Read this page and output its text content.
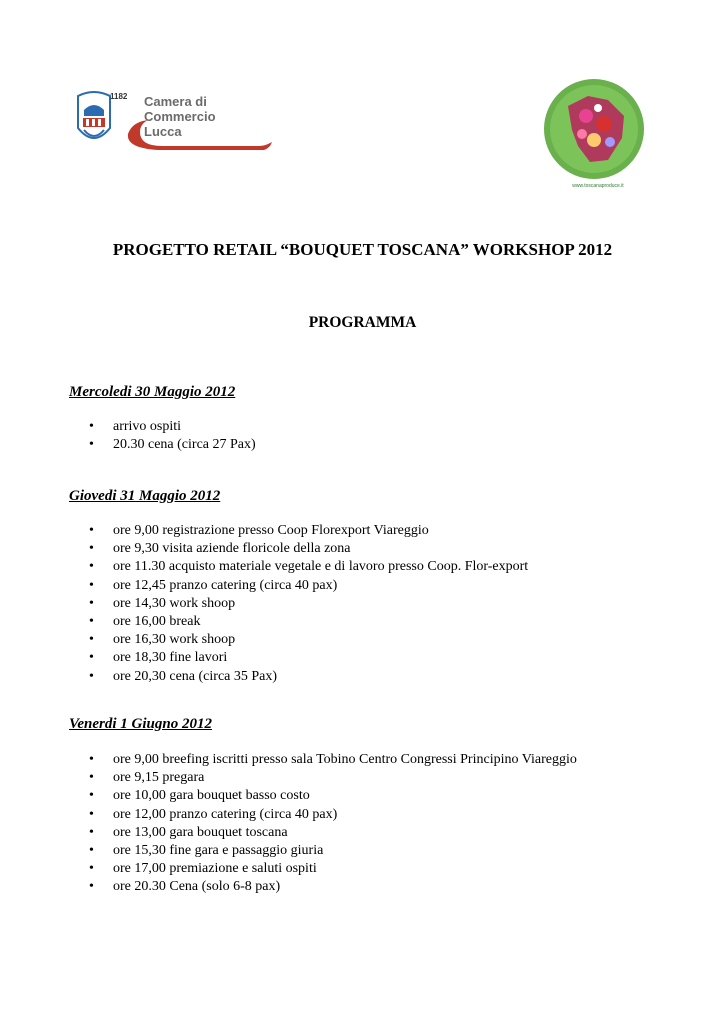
1182 Camera di Commercio
Lucca
www.toscanaproduce.it
PROGETTO RETAIL “BOUQUET TOSCANA” WORKSHOP 2012
PROGRAMMA
Mercoledi 30 Maggio 2012
• arrivo ospiti
• 20.30 cena (circa 27 Pax)
Giovedi 31 Maggio 2012
• ore 9,00 registrazione presso Coop Florexport Viareggio
• ore 9,30 visita aziende floricole della zona
• ore 11.30 acquisto materiale vegetale e di lavoro presso Coop. Flor-export
• ore 12,45 pranzo catering (circa 40 pax)
• ore 14,30 work shoop
• ore 16,00 break
• ore 16,30 work shoop
• ore 18,30 fine lavori
• ore 20,30 cena (circa 35 Pax)
Venerdi 1 Giugno 2012
• ore 9,00 breefing iscritti presso sala Tobino Centro Congressi Principino Viareggio
• ore 9,15 pregara
• ore 10,00 gara bouquet basso costo
• ore 12,00 pranzo catering (circa 40 pax)
• ore 13,00 gara bouquet toscana
• ore 15,30 fine gara e passaggio giuria
• ore 17,00 premiazione e saluti ospiti
• ore 20.30 Cena (solo 6-8 pax)
